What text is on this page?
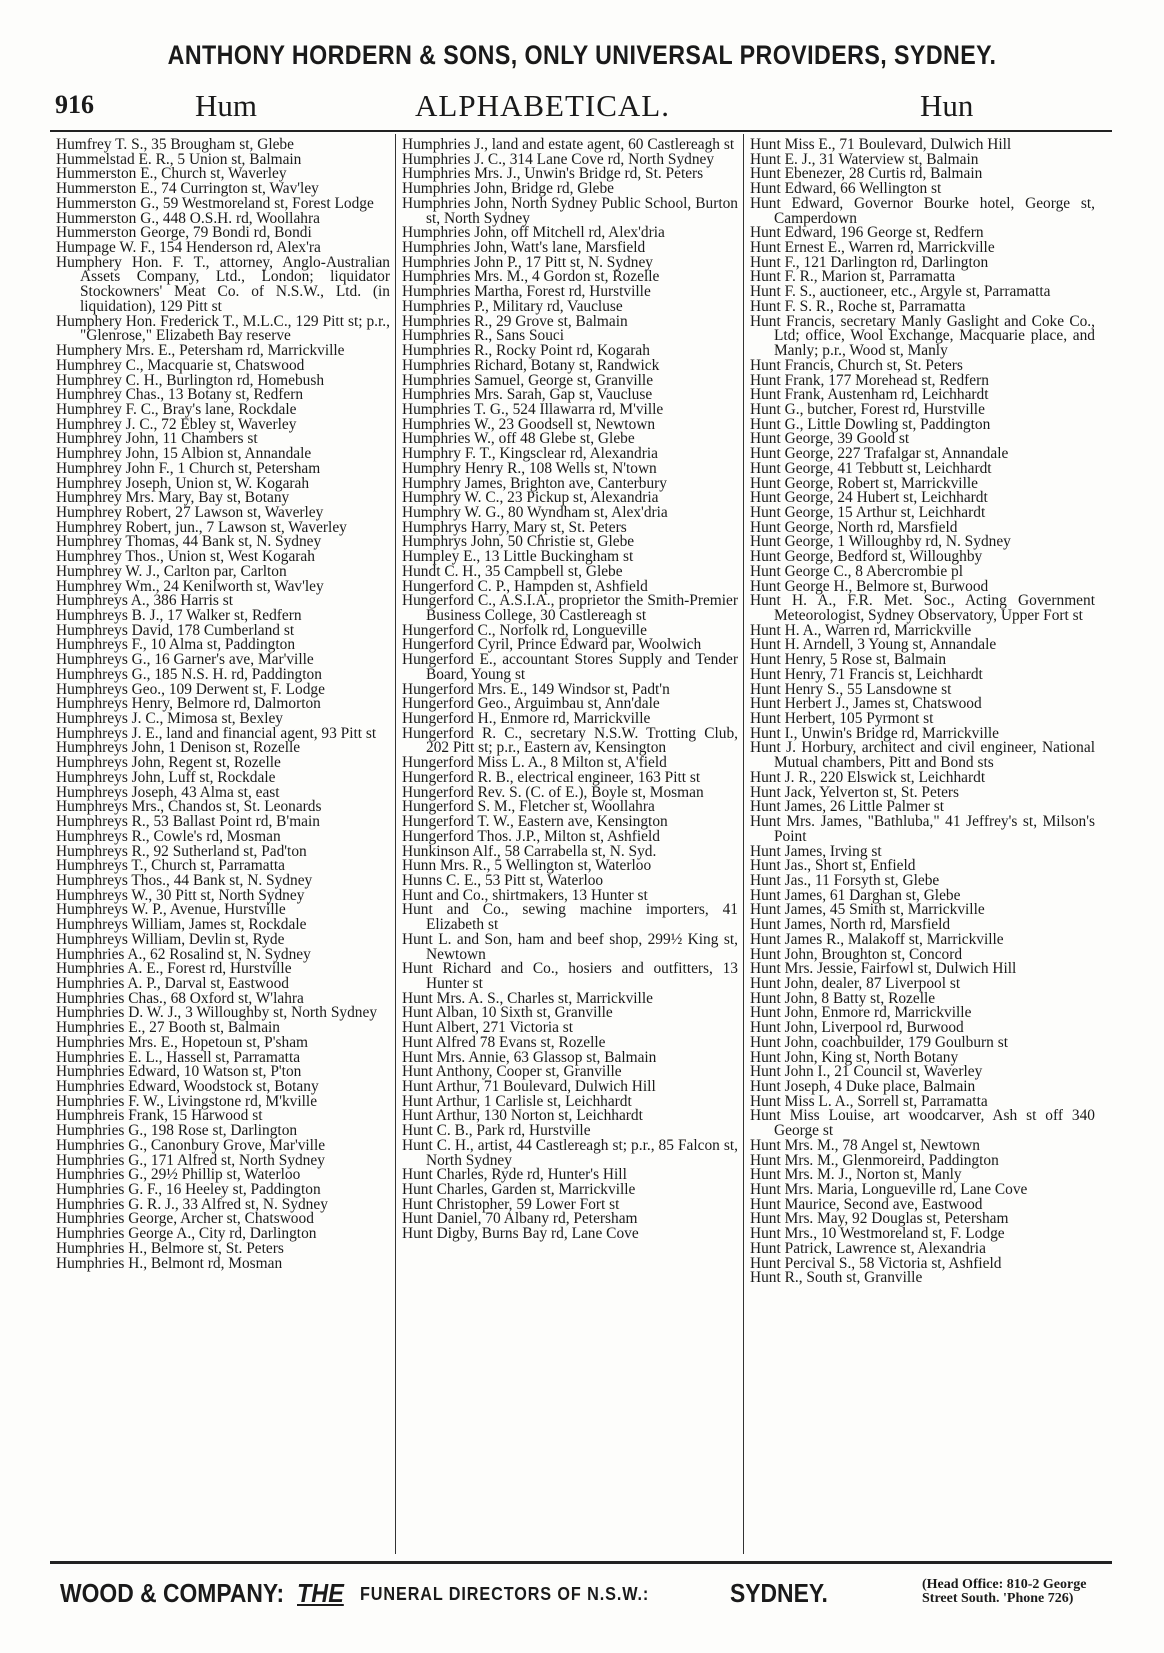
ANTHONY HORDERN & SONS, ONLY UNIVERSAL PROVIDERS, SYDNEY.
916	Hum	ALPHABETICAL.	Hun

Humfrey T. S., 35 Brougham st, Glebe

Hummelstad E. R., 5 Union st, Balmain

Hummerston E., Church st, Waverley

Hummerston E., 74 Currington st, Wav'ley

Hummerston G., 59 Westmoreland st, Forest Lodge

Hummerston G., 448 O.S.H. rd, Woollahra

Hummerston George, 79 Bondi rd, Bondi

Humpage W. F., 154 Henderson rd, Alex'ra

Humphery Hon. F. T., attorney, Anglo-Australian Assets Company, Ltd., London; liquidator Stockowners' Meat Co. of N.S.W., Ltd. (in liquidation), 129 Pitt st

Humphery Hon. Frederick T., M.L.C., 129 Pitt st; p.r., "Glenrose," Elizabeth Bay reserve

Humphery Mrs. E., Petersham rd, Marrickville

Humphrey C., Macquarie st, Chatswood

Humphrey C. H., Burlington rd, Homebush

Humphrey Chas., 13 Botany st, Redfern

Humphrey F. C., Bray's lane, Rockdale

Humphrey J. C., 72 Ebley st, Waverley

Humphrey John, 11 Chambers st

Humphrey John, 15 Albion st, Annandale

Humphrey John F., 1 Church st, Petersham

Humphrey Joseph, Union st, W. Kogarah

Humphrey Mrs. Mary, Bay st, Botany

Humphrey Robert, 27 Lawson st, Waverley

Humphrey Robert, jun., 7 Lawson st, Waverley

Humphrey Thomas, 44 Bank st, N. Sydney

Humphrey Thos., Union st, West Kogarah

Humphrey W. J., Carlton par, Carlton

Humphrey Wm., 24 Kenilworth st, Wav'ley

Humphreys A., 386 Harris st

Humphreys B. J., 17 Walker st, Redfern

Humphreys David, 178 Cumberland st

Humphreys F., 10 Alma st, Paddington

Humphreys G., 16 Garner's ave, Mar'ville

Humphreys G., 185 N.S. H. rd, Paddington

Humphreys Geo., 109 Derwent st, F. Lodge

Humphreys Henry, Belmore rd, Dalmorton

Humphreys J. C., Mimosa st, Bexley

Humphreys J. E., land and financial agent, 93 Pitt st

Humphreys John, 1 Denison st, Rozelle

Humphreys John, Regent st, Rozelle

Humphreys John, Luff st, Rockdale

Humphreys Joseph, 43 Alma st, east

Humphreys Mrs., Chandos st, St. Leonards

Humphreys R., 53 Ballast Point rd, B'main

Humphreys R., Cowle's rd, Mosman

Humphreys R., 92 Sutherland st, Pad'ton

Humphreys T., Church st, Parramatta

Humphreys Thos., 44 Bank st, N. Sydney

Humphreys W., 30 Pitt st, North Sydney

Humphreys W. P., Avenue, Hurstville

Humphreys William, James st, Rockdale

Humphreys William, Devlin st, Ryde

Humphries A., 62 Rosalind st, N. Sydney

Humphries A. E., Forest rd, Hurstville

Humphries A. P., Darval st, Eastwood

Humphries Chas., 68 Oxford st, W'lahra

Humphries D. W. J., 3 Willoughby st, North Sydney

Humphries E., 27 Booth st, Balmain

Humphries Mrs. E., Hopetoun st, P'sham

Humphries E. L., Hassell st, Parramatta

Humphries Edward, 10 Watson st, P'ton

Humphries Edward, Woodstock st, Botany

Humphries F. W., Livingstone rd, M'kville

Humphreis Frank, 15 Harwood st

Humphries G., 198 Rose st, Darlington

Humphries G., Canonbury Grove, Mar'ville

Humphries G., 171 Alfred st, North Sydney

Humphries G., 29½ Phillip st, Waterloo

Humphries G. F., 16 Heeley st, Paddington

Humphries G. R. J., 33 Alfred st, N. Sydney

Humphries George, Archer st, Chatswood

Humphries George A., City rd, Darlington

Humphries H., Belmore st, St. Peters

Humphries H., Belmont rd, Mosman

Humphries J., land and estate agent, 60 Castlereagh st

Humphries J. C., 314 Lane Cove rd, North Sydney

Humphries Mrs. J., Unwin's Bridge rd, St. Peters

Humphries John, Bridge rd, Glebe

Humphries John, North Sydney Public School, Burton st, North Sydney

Humphries John, off Mitchell rd, Alex'dria

Humphries John, Watt's lane, Marsfield

Humphries John P., 17 Pitt st, N. Sydney

Humphries Mrs. M., 4 Gordon st, Rozelle

Humphries Martha, Forest rd, Hurstville

Humphries P., Military rd, Vaucluse

Humphries R., 29 Grove st, Balmain

Humphries R., Sans Souci

Humphries R., Rocky Point rd, Kogarah

Humphries Richard, Botany st, Randwick

Humphries Samuel, George st, Granville

Humphries Mrs. Sarah, Gap st, Vaucluse

Humphries T. G., 524 Illawarra rd, M'ville

Humphries W., 23 Goodsell st, Newtown

Humphries W., off 48 Glebe st, Glebe

Humphry F. T., Kingsclear rd, Alexandria

Humphry Henry R., 108 Wells st, N'town

Humphry James, Brighton ave, Canterbury

Humphry W. C., 23 Pickup st, Alexandria

Humphry W. G., 80 Wyndham st, Alex'dria

Humphrys Harry, Mary st, St. Peters

Humphrys John, 50 Christie st, Glebe

Humpley E., 13 Little Buckingham st

Hundt C. H., 35 Campbell st, Glebe

Hungerford C. P., Hampden st, Ashfield

Hungerford C., A.S.I.A., proprietor the Smith-Premier Business College, 30 Castlereagh st

Hungerford C., Norfolk rd, Longueville

Hungerford Cyril, Prince Edward par, Woolwich

Hungerford E., accountant Stores Supply and Tender Board, Young st

Hungerford Mrs. E., 149 Windsor st, Padt'n

Hungerford Geo., Arguimbau st, Ann'dale

Hungerford H., Enmore rd, Marrickville

Hungerford R. C., secretary N.S.W. Trotting Club, 202 Pitt st; p.r., Eastern av, Kensington

Hungerford Miss L. A., 8 Milton st, A'field

Hungerford R. B., electrical engineer, 163 Pitt st

Hungerford Rev. S. (C. of E.), Boyle st, Mosman

Hungerford S. M., Fletcher st, Woollahra

Hungerford T. W., Eastern ave, Kensington

Hungerford Thos. J.P., Milton st, Ashfield

Hunkinson Alf., 58 Carrabella st, N. Syd.

Hunn Mrs. R., 5 Wellington st, Waterloo

Hunns C. E., 53 Pitt st, Waterloo

Hunt and Co., shirtmakers, 13 Hunter st

Hunt and Co., sewing machine importers, 41 Elizabeth st

Hunt L. and Son, ham and beef shop, 299½ King st, Newtown

Hunt Richard and Co., hosiers and outfitters, 13 Hunter st

Hunt Mrs. A. S., Charles st, Marrickville

Hunt Alban, 10 Sixth st, Granville

Hunt Albert, 271 Victoria st

Hunt Alfred 78 Evans st, Rozelle

Hunt Mrs. Annie, 63 Glassop st, Balmain

Hunt Anthony, Cooper st, Granville

Hunt Arthur, 71 Boulevard, Dulwich Hill

Hunt Arthur, 1 Carlisle st, Leichhardt

Hunt Arthur, 130 Norton st, Leichhardt

Hunt C. B., Park rd, Hurstville

Hunt C. H., artist, 44 Castlereagh st; p.r., 85 Falcon st, North Sydney

Hunt Charles, Ryde rd, Hunter's Hill

Hunt Charles, Garden st, Marrickville

Hunt Christopher, 59 Lower Fort st

Hunt Daniel, 70 Albany rd, Petersham

Hunt Digby, Burns Bay rd, Lane Cove

Hunt Miss E., 71 Boulevard, Dulwich Hill

Hunt E. J., 31 Waterview st, Balmain

Hunt Ebenezer, 28 Curtis rd, Balmain

Hunt Edward, 66 Wellington st

Hunt Edward, Governor Bourke hotel, George st, Camperdown

Hunt Edward, 196 George st, Redfern

Hunt Ernest E., Warren rd, Marrickville

Hunt F., 121 Darlington rd, Darlington

Hunt F. R., Marion st, Parramatta

Hunt F. S., auctioneer, etc., Argyle st, Parramatta

Hunt F. S. R., Roche st, Parramatta

Hunt Francis, secretary Manly Gaslight and Coke Co., Ltd; office, Wool Exchange, Macquarie place, and Manly; p.r., Wood st, Manly

Hunt Francis, Church st, St. Peters

Hunt Frank, 177 Morehead st, Redfern

Hunt Frank, Austenham rd, Leichhardt

Hunt G., butcher, Forest rd, Hurstville

Hunt G., Little Dowling st, Paddington

Hunt George, 39 Goold st

Hunt George, 227 Trafalgar st, Annandale

Hunt George, 41 Tebbutt st, Leichhardt

Hunt George, Robert st, Marrickville

Hunt George, 24 Hubert st, Leichhardt

Hunt George, 15 Arthur st, Leichhardt

Hunt George, North rd, Marsfield

Hunt George, 1 Willoughby rd, N. Sydney

Hunt George, Bedford st, Willoughby

Hunt George C., 8 Abercrombie pl

Hunt George H., Belmore st, Burwood

Hunt H. A., F.R. Met. Soc., Acting Government Meteorologist, Sydney Observatory, Upper Fort st

Hunt H. A., Warren rd, Marrickville

Hunt H. Arndell, 3 Young st, Annandale

Hunt Henry, 5 Rose st, Balmain

Hunt Henry, 71 Francis st, Leichhardt

Hunt Henry S., 55 Lansdowne st

Hunt Herbert J., James st, Chatswood

Hunt Herbert, 105 Pyrmont st

Hunt I., Unwin's Bridge rd, Marrickville

Hunt J. Horbury, architect and civil engineer, National Mutual chambers, Pitt and Bond sts

Hunt J. R., 220 Elswick st, Leichhardt

Hunt Jack, Yelverton st, St. Peters

Hunt James, 26 Little Palmer st

Hunt Mrs. James, "Bathluba," 41 Jeffrey's st, Milson's Point

Hunt James, Irving st

Hunt Jas., Short st, Enfield

Hunt Jas., 11 Forsyth st, Glebe

Hunt James, 61 Darghan st, Glebe

Hunt James, 45 Smith st, Marrickville

Hunt James, North rd, Marsfield

Hunt James R., Malakoff st, Marrickville

Hunt John, Broughton st, Concord

Hunt Mrs. Jessie, Fairfowl st, Dulwich Hill

Hunt John, dealer, 87 Liverpool st

Hunt John, 8 Batty st, Rozelle

Hunt John, Enmore rd, Marrickville

Hunt John, Liverpool rd, Burwood

Hunt John, coachbuilder, 179 Goulburn st

Hunt John, King st, North Botany

Hunt John I., 21 Council st, Waverley

Hunt Joseph, 4 Duke place, Balmain

Hunt Miss L. A., Sorrell st, Parramatta

Hunt Miss Louise, art woodcarver, Ash st off 340 George st

Hunt Mrs. M., 78 Angel st, Newtown

Hunt Mrs. M., Glenmoreird, Paddington

Hunt Mrs. M. J., Norton st, Manly

Hunt Mrs. Maria, Longueville rd, Lane Cove

Hunt Maurice, Second ave, Eastwood

Hunt Mrs. May, 92 Douglas st, Petersham

Hunt Mrs., 10 Westmoreland st, F. Lodge

Hunt Patrick, Lawrence st, Alexandria

Hunt Percival S., 58 Victoria st, Ashfield

Hunt R., South st, Granville

WOOD & COMPANY: THE FUNERAL DIRECTORS OF N.S.W.:	SYDNEY.	(Head Office: 810-2 George
Street South. 'Phone 726)
